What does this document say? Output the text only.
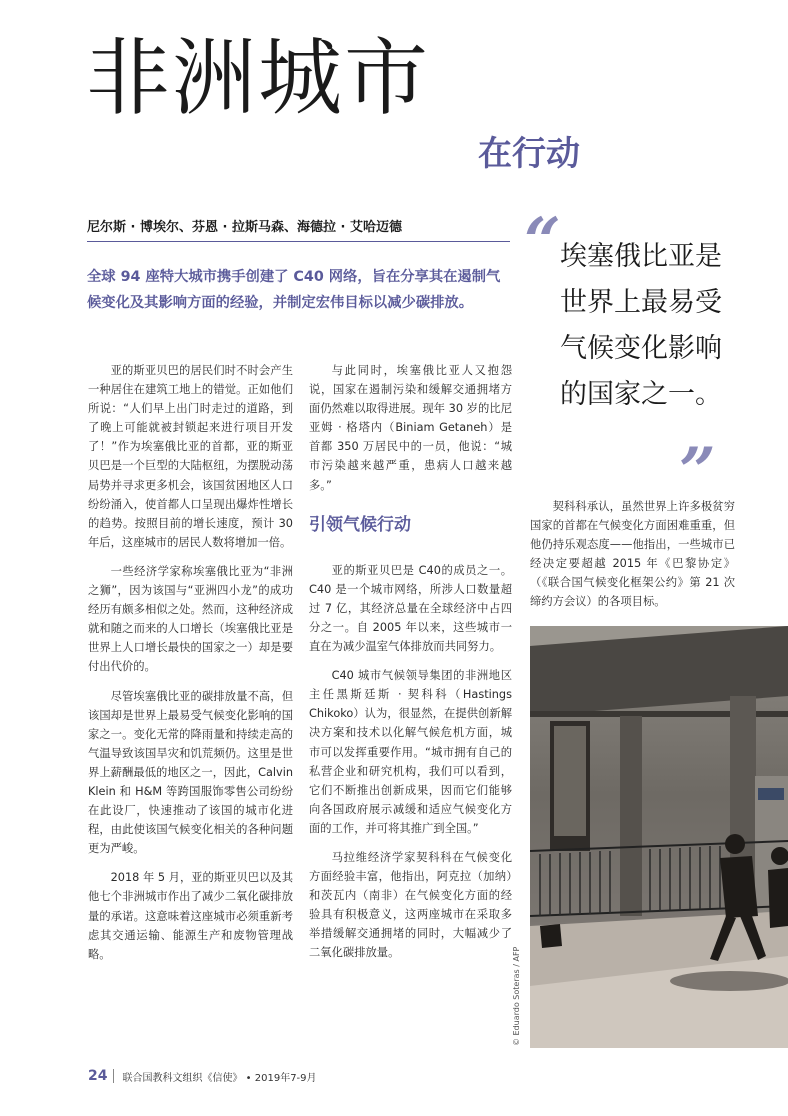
非洲城市
在行动
尼尔斯 · 博埃尔、芬恩 · 拉斯马森、海德拉 · 艾哈迈德
全球 94 座特大城市携手创建了 C40 网络，旨在分享其在遏制气候变化及其影响方面的经验，并制定宏伟目标以减少碳排放。
“ 埃塞俄比亚是世界上最易受气候变化影响的国家之一。
”

亚的斯亚贝巴的居民们时不时会产生一种居住在建筑工地上的错觉。正如他们所说：“人们早上出门时走过的道路，到了晚上可能就被封锁起来进行项目开发了！”作为埃塞俄比亚的首都，亚的斯亚贝巴是一个巨型的大陆枢纽，为摆脱动荡局势并寻求更多机会，该国贫困地区人口纷纷涌入，使首都人口呈现出爆炸性增长的趋势。按照目前的增长速度，预计 30 年后，这座城市的居民人数将增加一倍。

一些经济学家称埃塞俄比亚为“非洲之狮”，因为该国与“亚洲四小龙”的成功经历有颇多相似之处。然而，这种经济成就和随之而来的人口增长（埃塞俄比亚是世界上人口增长最快的国家之一）却是要付出代价的。

尽管埃塞俄比亚的碳排放量不高，但该国却是世界上最易受气候变化影响的国家之一。变化无常的降雨量和持续走高的气温导致该国旱灾和饥荒频仍。这里是世界上薪酬最低的地区之一，因此，Calvin Klein 和 H&M 等跨国服饰零售公司纷纷在此设厂，快速推动了该国的城市化进程，由此使该国气候变化相关的各种问题更为严峻。

2018 年 5 月，亚的斯亚贝巴以及其他七个非洲城市作出了减少二氧化碳排放量的承诺。这意味着这座城市必须重新考虑其交通运输、能源生产和废物管理战略。

与此同时，埃塞俄比亚人又抱怨说，国家在遏制污染和缓解交通拥堵方面仍然难以取得进展。现年 30 岁的比尼亚姆 · 格塔内（Biniam Getaneh）是首都 350 万居民中的一员，他说：“城市污染越来越严重，患病人口越来越多。”

引领气候行动

亚的斯亚贝巴是 C40的成员之一。C40 是一个城市网络，所涉人口数量超过 7 亿，其经济总量在全球经济中占四分之一。自 2005 年以来，这些城市一直在为减少温室气体排放而共同努力。

C40 城市气候领导集团的非洲地区主任黑斯廷斯 · 契科科（Hastings Chikoko）认为，很显然，在提供创新解决方案和技术以化解气候危机方面，城市可以发挥重要作用。“城市拥有自己的私营企业和研究机构，我们可以看到，它们不断推出创新成果，因而它们能够向各国政府展示减缓和适应气候变化方面的工作，并可将其推广到全国。”

马拉维经济学家契科科在气候变化方面经验丰富，他指出，阿克拉（加纳）和茨瓦内（南非）在气候变化方面的经验具有积极意义，这两座城市在采取多举措缓解交通拥堵的同时，大幅减少了二氧化碳排放量。

契科科承认，虽然世界上许多极贫穷国家的首都在气候变化方面困难重重，但他仍持乐观态度——他指出，一些城市已经决定要超越 2015 年《巴黎协定》（《联合国气候变化框架公约》第 21 次缔约方会议）的各项目标。

© Eduardo Soteras / AFP
24 联合国教科文组织《信使》 • 2019年7-9月
